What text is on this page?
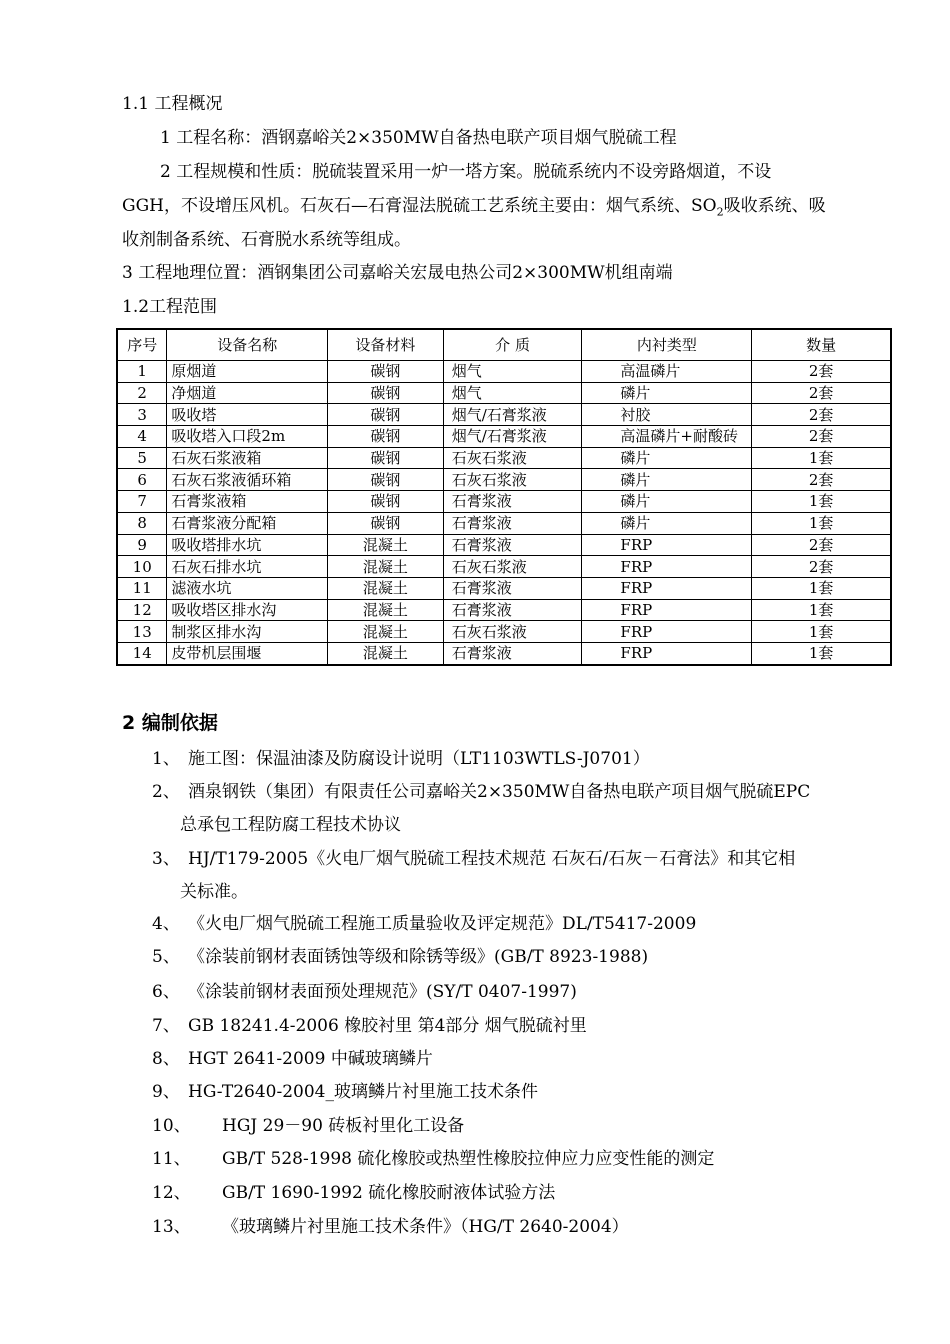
1.1 工程概况
1 工程名称：酒钢嘉峪关2×350MW自备热电联产项目烟气脱硫工程
2 工程规模和性质：脱硫装置采用一炉一塔方案。脱硫系统内不设旁路烟道，不设
GGH，不设增压风机。石灰石—石膏湿法脱硫工艺系统主要由：烟气系统、$SO_2$吸收系统、吸
收剂制备系统、石膏脱水系统等组成。
3 工程地理位置：酒钢集团公司嘉峪关宏晟电热公司2×300MW机组南端
1.2工程范围
序号	设备名称	设备材料	介 质	内衬类型	数量
1	原烟道	碳钢	烟气	高温磷片	2套
2	净烟道	碳钢	烟气	磷片	2套
3	吸收塔	碳钢	烟气/石膏浆液	衬胶	2套
4	吸收塔入口段2m	碳钢	烟气/石膏浆液	高温磷片+耐酸砖	2套
5	石灰石浆液箱	碳钢	石灰石浆液	磷片	1套
6	石灰石浆液循环箱	碳钢	石灰石浆液	磷片	2套
7	石膏浆液箱	碳钢	石膏浆液	磷片	1套
8	石膏浆液分配箱	碳钢	石膏浆液	磷片	1套
9	吸收塔排水坑	混凝土	石膏浆液	FRP	2套
10	石灰石排水坑	混凝土	石灰石浆液	FRP	2套
11	滤液水坑	混凝土	石膏浆液	FRP	1套
12	吸收塔区排水沟	混凝土	石膏浆液	FRP	1套
13	制浆区排水沟	混凝土	石灰石浆液	FRP	1套
14	皮带机层围堰	混凝土	石膏浆液	FRP	1套
2 编制依据
1、 施工图：保温油漆及防腐设计说明（LT1103WTLS-J0701）
2、 酒泉钢铁（集团）有限责任公司嘉峪关2×350MW自备热电联产项目烟气脱硫EPC
总承包工程防腐工程技术协议
3、 HJ/T179-2005《火电厂烟气脱硫工程技术规范 石灰石/石灰－石膏法》和其它相
关标准。
4、 《火电厂烟气脱硫工程施工质量验收及评定规范》DL/T5417-2009
5、 《涂装前钢材表面锈蚀等级和除锈等级》(GB/T 8923-1988)
6、 《涂装前钢材表面预处理规范》(SY/T 0407-1997)
7、 GB 18241.4-2006 橡胶衬里 第4部分 烟气脱硫衬里
8、 HGT 2641-2009 中碱玻璃鳞片
9、 HG-T2640-2004_玻璃鳞片衬里施工技术条件
10、 HGJ 29－90 砖板衬里化工设备
11、 GB/T 528-1998 硫化橡胶或热塑性橡胶拉伸应力应变性能的测定
12、 GB/T 1690-1992 硫化橡胶耐液体试验方法
13、 《玻璃鳞片衬里施工技术条件》（HG/T 2640-2004）
